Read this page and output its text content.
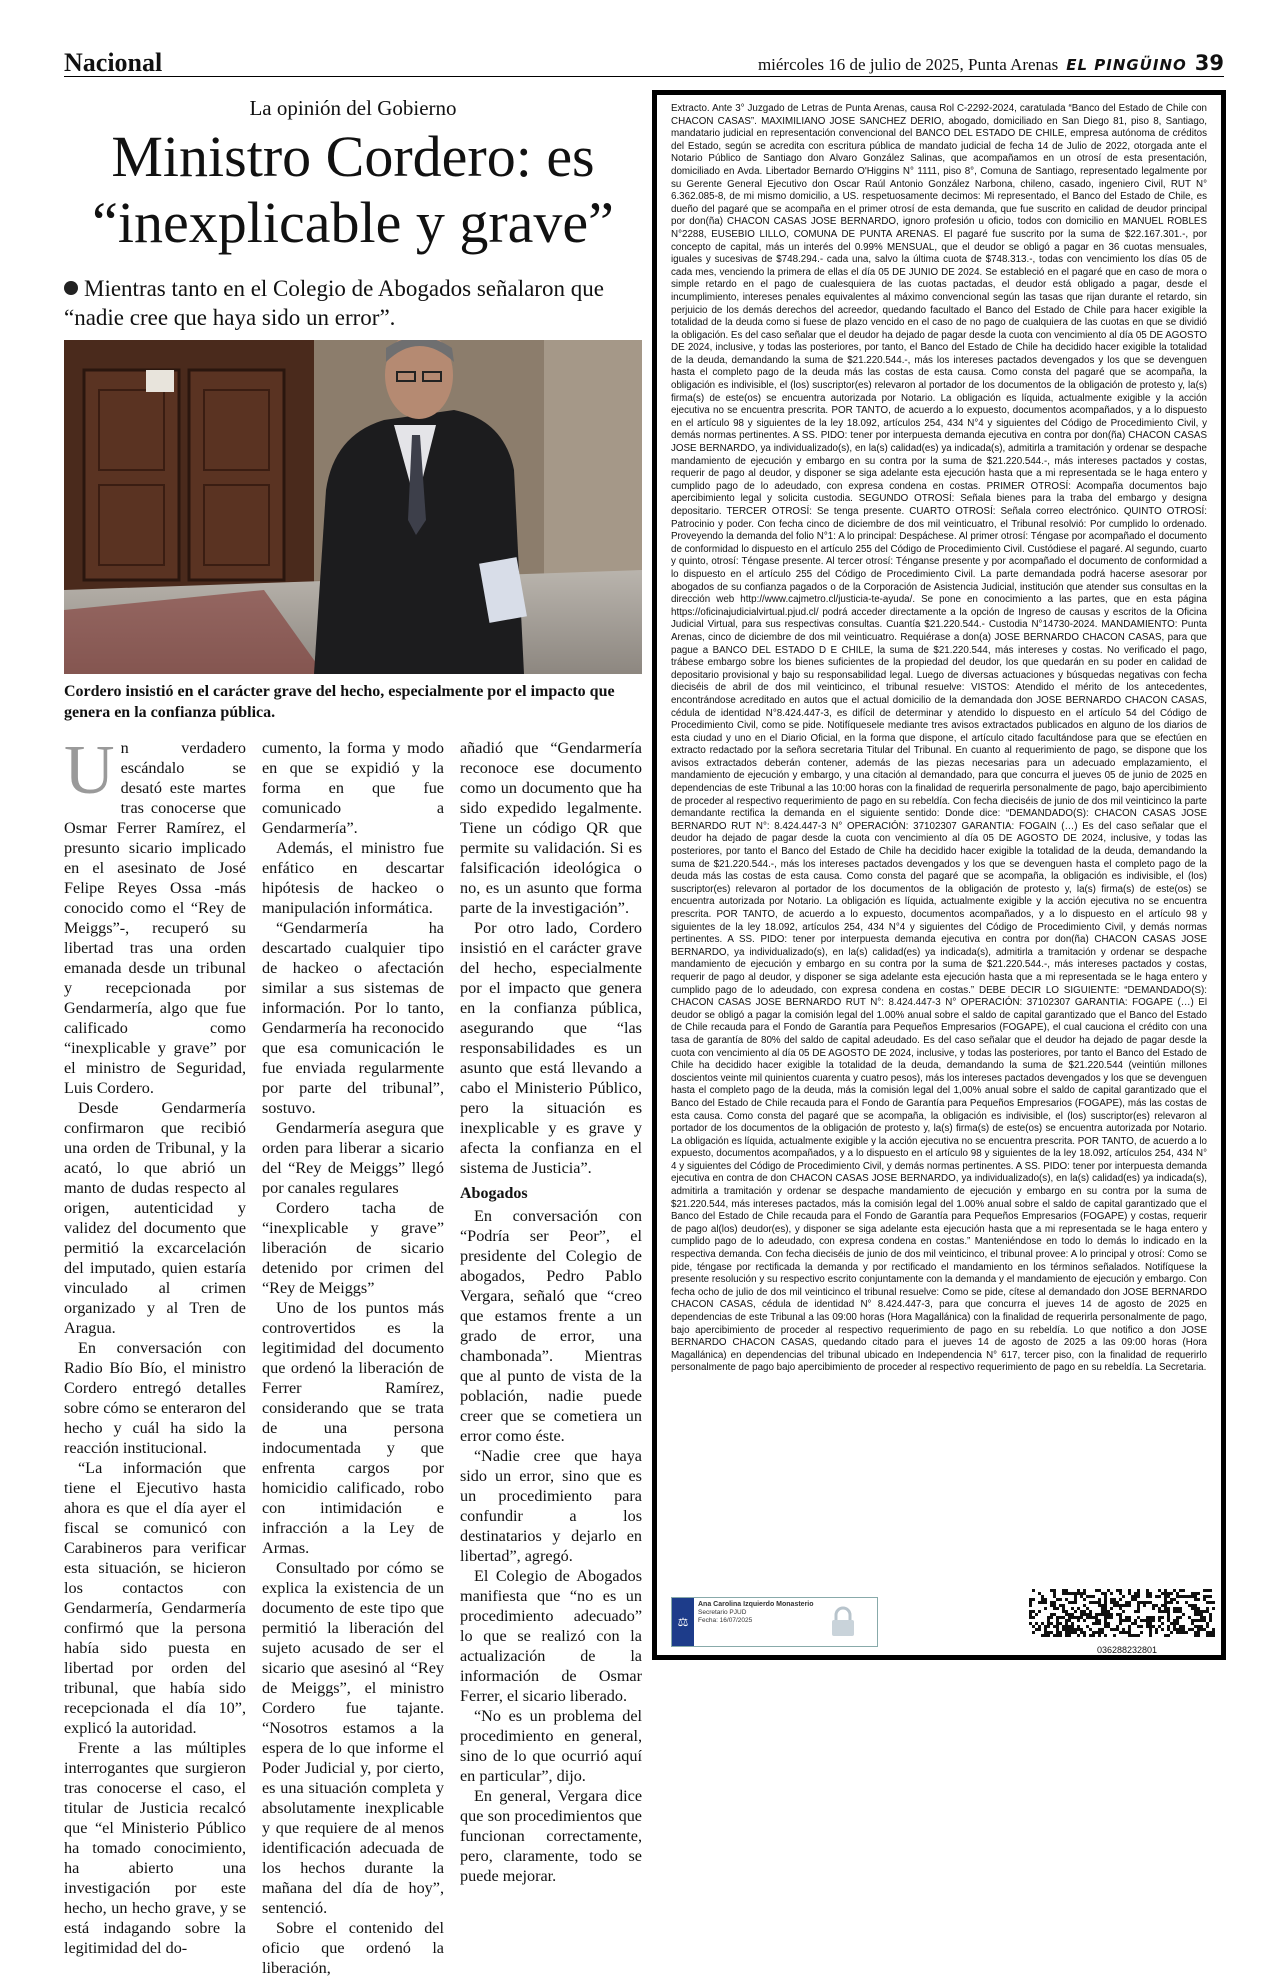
Nacional	miércoles 16 de julio de 2025, Punta Arenas EL PINGÜINO 39
La opinión del Gobierno
Ministro Cordero: es “inexplicable y grave”
Mientras tanto en el Colegio de Abogados señalaron que “nadie cree que haya sido un error”.
Cordero insistió en el carácter grave del hecho, especialmente por el impacto que genera en la confianza pública.
U n verdadero escándalo se desató este martes tras conocerse que Osmar Ferrer Ramírez, el presunto sicario implicado en el asesinato de José Felipe Reyes Ossa -más conocido como el “Rey de Meiggs”-, recuperó su libertad tras una orden emanada desde un tribunal y recepcionada por Gendarmería, algo que fue calificado como “inexplicable y grave” por el ministro de Seguridad, Luis Cordero.

Desde Gendarmería confirmaron que recibió una orden de Tribunal, y la acató, lo que abrió un manto de dudas respecto al origen, autenticidad y validez del documento que permitió la excarcelación del imputado, quien estaría vinculado al crimen organizado y al Tren de Aragua.

En conversación con Radio Bío Bío, el ministro Cordero entregó detalles sobre cómo se enteraron del hecho y cuál ha sido la reacción institucional.

“La información que tiene el Ejecutivo hasta ahora es que el día ayer el fiscal se comunicó con Carabineros para verificar esta situación, se hicieron los contactos con Gendarmería, Gendarmería confirmó que la persona había sido puesta en libertad por orden del tribunal, que había sido recepcionada el día 10”, explicó la autoridad.

Frente a las múltiples interrogantes que surgieron tras conocerse el caso, el titular de Justicia recalcó que “el Ministerio Público ha tomado conocimiento, ha abierto una investigación por este hecho, un hecho grave, y se está indagando sobre la legitimidad del do-

cumento, la forma y modo en que se expidió y la forma en que fue comunicado a Gendarmería”.

Además, el ministro fue enfático en descartar hipótesis de hackeo o manipulación informática.

“Gendarmería ha descartado cualquier tipo de hackeo o afectación similar a sus sistemas de información. Por lo tanto, Gendarmería ha reconocido que esa comunicación le fue enviada regularmente por parte del tribunal”, sostuvo.

Gendarmería asegura que orden para liberar a sicario del “Rey de Meiggs” llegó por canales regulares

Cordero tacha de “inexplicable y grave” liberación de sicario detenido por crimen del “Rey de Meiggs”

Uno de los puntos más controvertidos es la legitimidad del documento que ordenó la liberación de Ferrer Ramírez, considerando que se trata de una persona indocumentada y que enfrenta cargos por homicidio calificado, robo con intimidación e infracción a la Ley de Armas.

Consultado por cómo se explica la existencia de un documento de este tipo que permitió la liberación del sujeto acusado de ser el sicario que asesinó al “Rey de Meiggs”, el ministro Cordero fue tajante. “Nosotros estamos a la espera de lo que informe el Poder Judicial y, por cierto, es una situación completa y absolutamente inexplicable y que requiere de al menos identificación adecuada de los hechos durante la mañana del día de hoy”, sentenció.

Sobre el contenido del oficio que ordenó la liberación,

añadió que “Gendarmería reconoce ese documento como un documento que ha sido expedido legalmente. Tiene un código QR que permite su validación. Si es falsificación ideológica o no, es un asunto que forma parte de la investigación”.

Por otro lado, Cordero insistió en el carácter grave del hecho, especialmente por el impacto que genera en la confianza pública, asegurando que “las responsabilidades es un asunto que está llevando a cabo el Ministerio Público, pero la situación es inexplicable y es grave y afecta la confianza en el sistema de Justicia”.

Abogados

En conversación con “Podría ser Peor”, el presidente del Colegio de abogados, Pedro Pablo Vergara, señaló que “creo que estamos frente a un grado de error, una chambonada”. Mientras que al punto de vista de la población, nadie puede creer que se cometiera un error como éste.

“Nadie cree que haya sido un error, sino que es un procedimiento para confundir a los destinatarios y dejarlo en libertad”, agregó.

El Colegio de Abogados manifiesta que “no es un procedimiento adecuado” lo que se realizó con la actualización de la información de Osmar Ferrer, el sicario liberado.

“No es un problema del procedimiento en general, sino de lo que ocurrió aquí en particular”, dijo.

En general, Vergara dice que son procedimientos que funcionan correctamente, pero, claramente, todo se puede mejorar.

Extracto. Ante 3° Juzgado de Letras de Punta Arenas, causa Rol C-2292-2024, caratulada “Banco del Estado de Chile con CHACON CASAS”. MAXIMILIANO JOSE SANCHEZ DERIO, abogado, domiciliado en San Diego 81, piso 8, Santiago, mandatario judicial en representación convencional del BANCO DEL ESTADO DE CHILE, empresa autónoma de créditos del Estado, según se acredita con escritura pública de mandato judicial de fecha 14 de Julio de 2022, otorgada ante el Notario Público de Santiago don Alvaro González Salinas, que acompañamos en un otrosí de esta presentación, domiciliado en Avda. Libertador Bernardo O'Higgins N° 1111, piso 8°, Comuna de Santiago, representado legalmente por su Gerente General Ejecutivo don Oscar Raúl Antonio González Narbona, chileno, casado, ingeniero Civil, RUT N° 6.362.085-8, de mi mismo domicilio, a US. respetuosamente decimos: Mi representado, el Banco del Estado de Chile, es dueño del pagaré que se acompaña en el primer otrosí de esta demanda, que fue suscrito en calidad de deudor principal por don(ña) CHACON CASAS JOSE BERNARDO, ignoro profesión u oficio, todos con domicilio en MANUEL ROBLES N°2288, EUSEBIO LILLO, COMUNA DE PUNTA ARENAS. El pagaré fue suscrito por la suma de $22.167.301.-, por concepto de capital, más un interés del 0.99% MENSUAL, que el deudor se obligó a pagar en 36 cuotas mensuales, iguales y sucesivas de $748.294.- cada una, salvo la última cuota de $748.313.-, todas con vencimiento los días 05 de cada mes, venciendo la primera de ellas el día 05 DE JUNIO DE 2024. Se estableció en el pagaré que en caso de mora o simple retardo en el pago de cualesquiera de las cuotas pactadas, el deudor está obligado a pagar, desde el incumplimiento, intereses penales equivalentes al máximo convencional según las tasas que rijan durante el retardo, sin perjuicio de los demás derechos del acreedor, quedando facultado el Banco del Estado de Chile para hacer exigible la totalidad de la deuda como si fuese de plazo vencido en el caso de no pago de cualquiera de las cuotas en que se dividió la obligación. Es del caso señalar que el deudor ha dejado de pagar desde la cuota con vencimiento al día 05 DE AGOSTO DE 2024, inclusive, y todas las posteriores, por tanto, el Banco del Estado de Chile ha decidido hacer exigible la totalidad de la deuda, demandando la suma de $21.220.544.-, más los intereses pactados devengados y los que se devenguen hasta el completo pago de la deuda más las costas de esta causa. Como consta del pagaré que se acompaña, la obligación es indivisible, el (los) suscriptor(es) relevaron al portador de los documentos de la obligación de protesto y, la(s) firma(s) de este(os) se encuentra autorizada por Notario. La obligación es líquida, actualmente exigible y la acción ejecutiva no se encuentra prescrita. POR TANTO, de acuerdo a lo expuesto, documentos acompañados, y a lo dispuesto en el artículo 98 y siguientes de la ley 18.092, artículos 254, 434 N°4 y siguientes del Código de Procedimiento Civil, y demás normas pertinentes. A SS. PIDO: tener por interpuesta demanda ejecutiva en contra por don(ña) CHACON CASAS JOSE BERNARDO, ya individualizado(s), en la(s) calidad(es) ya indicada(s), admitirla a tramitación y ordenar se despache mandamiento de ejecución y embargo en su contra por la suma de $21.220.544.-, más intereses pactados y costas, requerir de pago al deudor, y disponer se siga adelante esta ejecución hasta que a mi representada se le haga entero y cumplido pago de lo adeudado, con expresa condena en costas. PRIMER OTROSÍ: Acompaña documentos bajo apercibimiento legal y solicita custodia. SEGUNDO OTROSÍ: Señala bienes para la traba del embargo y designa depositario. TERCER OTROSÍ: Se tenga presente. CUARTO OTROSÍ: Señala correo electrónico. QUINTO OTROSÍ: Patrocinio y poder. Con fecha cinco de diciembre de dos mil veinticuatro, el Tribunal resolvió: Por cumplido lo ordenado. Proveyendo la demanda del folio N°1: A lo principal: Despáchese. Al primer otrosí: Téngase por acompañado el documento de conformidad lo dispuesto en el artículo 255 del Código de Procedimiento Civil. Custódiese el pagaré. Al segundo, cuarto y quinto, otrosí: Téngase presente. Al tercer otrosí: Ténganse presente y por acompañado el documento de conformidad a lo dispuesto en el artículo 255 del Código de Procedimiento Civil. La parte demandada podrá hacerse asesorar por abogados de su confianza pagados o de la Corporación de Asistencia Judicial, institución que atender sus consultas en la dirección web http://www.cajmetro.cl/justicia-te-ayuda/. Se pone en conocimiento a las partes, que en esta página https://oficinajudicialvirtual.pjud.cl/ podrá acceder directamente a la opción de Ingreso de causas y escritos de la Oficina Judicial Virtual, para sus respectivas consultas. Cuantía $21.220.544.- Custodia N°14730-2024. MANDAMIENTO: Punta Arenas, cinco de diciembre de dos mil veinticuatro. Requiérase a don(a) JOSE BERNARDO CHACON CASAS, para que pague a BANCO DEL ESTADO D E CHILE, la suma de $21.220.544, más intereses y costas. No verificado el pago, trábese embargo sobre los bienes suficientes de la propiedad del deudor, los que quedarán en su poder en calidad de depositario provisional y bajo su responsabilidad legal. Luego de diversas actuaciones y búsquedas negativas con fecha dieciséis de abril de dos mil veinticinco, el tribunal resuelve: VISTOS: Atendido el mérito de los antecedentes, encontrándose acreditado en autos que el actual domicilio de la demandada don JOSE BERNARDO CHACON CASAS, cédula de identidad N°8.424.447-3, es difícil de determinar y atendido lo dispuesto en el artículo 54 del Código de Procedimiento Civil, como se pide. Notifíquesele mediante tres avisos extractados publicados en alguno de los diarios de esta ciudad y uno en el Diario Oficial, en la forma que dispone, el artículo citado facultándose para que se efectúen en extracto redactado por la señora secretaria Titular del Tribunal. En cuanto al requerimiento de pago, se dispone que los avisos extractados deberán contener, además de las piezas necesarias para un adecuado emplazamiento, el mandamiento de ejecución y embargo, y una citación al demandado, para que concurra el jueves 05 de junio de 2025 en dependencias de este Tribunal a las 10:00 horas con la finalidad de requerirla personalmente de pago, bajo apercibimiento de proceder al respectivo requerimiento de pago en su rebeldía. Con fecha dieciséis de junio de dos mil veinticinco la parte demandante rectifica la demanda en el siguiente sentido: Donde dice: “DEMANDADO(S): CHACON CASAS JOSE BERNARDO RUT N°: 8.424.447-3 N° OPERACIÓN: 37102307 GARANTIA: FOGAIN (…) Es del caso señalar que el deudor ha dejado de pagar desde la cuota con vencimiento al día 05 DE AGOSTO DE 2024, inclusive, y todas las posteriores, por tanto el Banco del Estado de Chile ha decidido hacer exigible la totalidad de la deuda, demandando la suma de $21.220.544.-, más los intereses pactados devengados y los que se devenguen hasta el completo pago de la deuda más las costas de esta causa. Como consta del pagaré que se acompaña, la obligación es indivisible, el (los) suscriptor(es) relevaron al portador de los documentos de la obligación de protesto y, la(s) firma(s) de este(os) se encuentra autorizada por Notario. La obligación es líquida, actualmente exigible y la acción ejecutiva no se encuentra prescrita. POR TANTO, de acuerdo a lo expuesto, documentos acompañados, y a lo dispuesto en el artículo 98 y siguientes de la ley 18.092, artículos 254, 434 N°4 y siguientes del Código de Procedimiento Civil, y demás normas pertinentes. A SS. PIDO: tener por interpuesta demanda ejecutiva en contra por don(ña) CHACON CASAS JOSE BERNARDO, ya individualizado(s), en la(s) calidad(es) ya indicada(s), admitirla a tramitación y ordenar se despache mandamiento de ejecución y embargo en su contra por la suma de $21.220.544.-, más intereses pactados y costas, requerir de pago al deudor, y disponer se siga adelante esta ejecución hasta que a mi representada se le haga entero y cumplido pago de lo adeudado, con expresa condena en costas.” DEBE DECIR LO SIGUIENTE: “DEMANDADO(S): CHACON CASAS JOSE BERNARDO RUT N°: 8.424.447-3 N° OPERACIÓN: 37102307 GARANTIA: FOGAPE (…) El deudor se obligó a pagar la comisión legal del 1.00% anual sobre el saldo de capital garantizado que el Banco del Estado de Chile recauda para el Fondo de Garantía para Pequeños Empresarios (FOGAPE), el cual cauciona el crédito con una tasa de garantía de 80% del saldo de capital adeudado. Es del caso señalar que el deudor ha dejado de pagar desde la cuota con vencimiento al día 05 DE AGOSTO DE 2024, inclusive, y todas las posteriores, por tanto el Banco del Estado de Chile ha decidido hacer exigible la totalidad de la deuda, demandando la suma de $21.220.544 (veintiún millones doscientos veinte mil quinientos cuarenta y cuatro pesos), más los intereses pactados devengados y los que se devenguen hasta el completo pago de la deuda, más la comisión legal del 1,00% anual sobre el saldo de capital garantizado que el Banco del Estado de Chile recauda para el Fondo de Garantía para Pequeños Empresarios (FOGAPE), más las costas de esta causa. Como consta del pagaré que se acompaña, la obligación es indivisible, el (los) suscriptor(es) relevaron al portador de los documentos de la obligación de protesto y, la(s) firma(s) de este(os) se encuentra autorizada por Notario. La obligación es líquida, actualmente exigible y la acción ejecutiva no se encuentra prescrita. POR TANTO, de acuerdo a lo expuesto, documentos acompañados, y a lo dispuesto en el artículo 98 y siguientes de la ley 18.092, artículos 254, 434 N° 4 y siguientes del Código de Procedimiento Civil, y demás normas pertinentes. A SS. PIDO: tener por interpuesta demanda ejecutiva en contra de don CHACON CASAS JOSE BERNARDO, ya individualizado(s), en la(s) calidad(es) ya indicada(s), admitirla a tramitación y ordenar se despache mandamiento de ejecución y embargo en su contra por la suma de $21.220.544, más intereses pactados, más la comisión legal del 1.00% anual sobre el saldo de capital garantizado que el Banco del Estado de Chile recauda para el Fondo de Garantía para Pequeños Empresarios (FOGAPE) y costas, requerir de pago al(los) deudor(es), y disponer se siga adelante esta ejecución hasta que a mi representada se le haga entero y cumplido pago de lo adeudado, con expresa condena en costas.” Manteniéndose en todo lo demás lo indicado en la respectiva demanda. Con fecha dieciséis de junio de dos mil veinticinco, el tribunal provee: A lo principal y otrosí: Como se pide, téngase por rectificada la demanda y por rectificado el mandamiento en los términos señalados. Notifíquese la presente resolución y su respectivo escrito conjuntamente con la demanda y el mandamiento de ejecución y embargo. Con fecha ocho de julio de dos mil veinticinco el tribunal resuelve: Como se pide, cítese al demandado don JOSE BERNARDO CHACON CASAS, cédula de identidad N° 8.424.447-3, para que concurra el jueves 14 de agosto de 2025 en dependencias de este Tribunal a las 09:00 horas (Hora Magallánica) con la finalidad de requerirla personalmente de pago, bajo apercibimiento de proceder al respectivo requerimiento de pago en su rebeldía. Lo que notifico a don JOSE BERNARDO CHACON CASAS, quedando citado para el jueves 14 de agosto de 2025 a las 09:00 horas (Hora Magallánica) en dependencias del tribunal ubicado en Independencia N° 617, tercer piso, con la finalidad de requerirlo personalmente de pago bajo apercibimiento de proceder al respectivo requerimiento de pago en su rebeldía. La Secretaria.

⚖
Ana Carolina Izquierdo Monasterio
Secretario PJUD
Fecha: 16/07/2025
036288232801
